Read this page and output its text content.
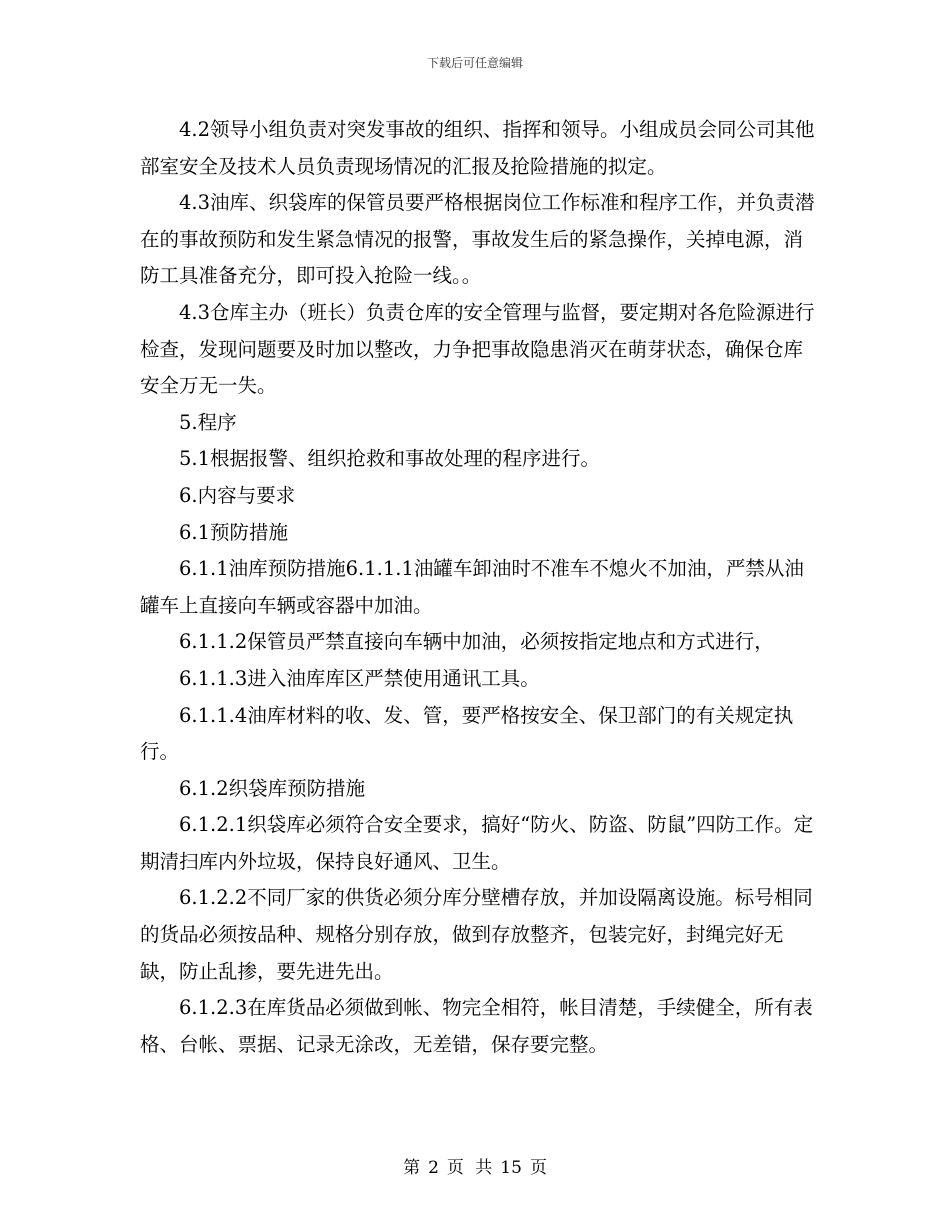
下载后可任意编辑

4.2领导小组负责对突发事故的组织、指挥和领导。小组成员会同公司其他部室安全及技术人员负责现场情况的汇报及抢险措施的拟定。

4.3油库、织袋库的保管员要严格根据岗位工作标准和程序工作，并负责潜在的事故预防和发生紧急情况的报警，事故发生后的紧急操作，关掉电源，消防工具准备充分，即可投入抢险一线。。

4.3仓库主办（班长）负责仓库的安全管理与监督，要定期对各危险源进行检查，发现问题要及时加以整改，力争把事故隐患消灭在萌芽状态，确保仓库安全万无一失。

5.程序

5.1根据报警、组织抢救和事故处理的程序进行。

6.内容与要求

6.1预防措施

6.1.1油库预防措施6.1.1.1油罐车卸油时不准车不熄火不加油，严禁从油罐车上直接向车辆或容器中加油。

6.1.1.2保管员严禁直接向车辆中加油，必须按指定地点和方式进行，

6.1.1.3进入油库库区严禁使用通讯工具。

6.1.1.4油库材料的收、发、管，要严格按安全、保卫部门的有关规定执行。

6.1.2织袋库预防措施

6.1.2.1织袋库必须符合安全要求，搞好“防火、防盗、防鼠”四防工作。定期清扫库内外垃圾，保持良好通风、卫生。

6.1.2.2不同厂家的供货必须分库分壁槽存放，并加设隔离设施。标号相同的货品必须按品种、规格分别存放，做到存放整齐，包装完好，封绳完好无缺，防止乱掺，要先进先出。

6.1.2.3在库货品必须做到帐、物完全相符，帐目清楚，手续健全，所有表格、台帐、票据、记录无涂改，无差错，保存要完整。

第 2 页 共 15 页
